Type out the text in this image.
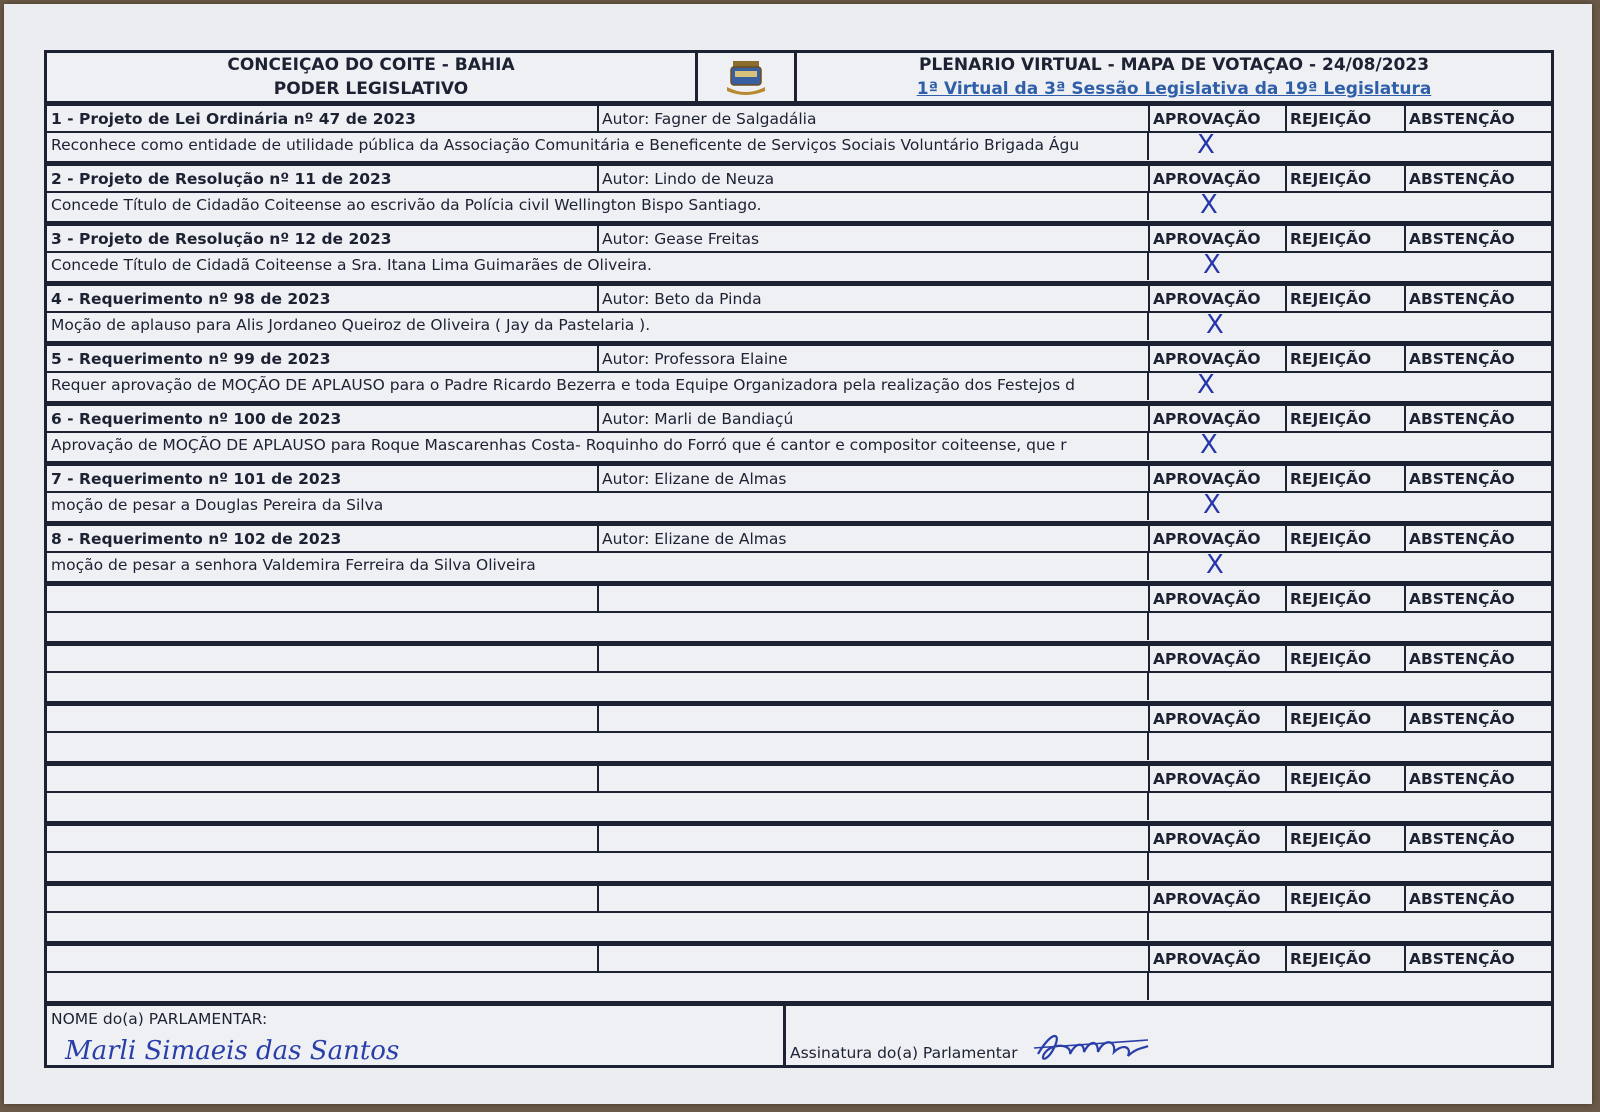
CONCEIÇAO DO COITE - BAHIA
PODER LEGISLATIVO
PLENARIO VIRTUAL - MAPA DE VOTAÇAO - 24/08/2023
1ª Virtual da 3ª Sessão Legislativa da 19ª Legislatura
1 - Projeto de Lei Ordinária nº 47 de 2023	Autor: Fagner de Salgadália	APROVAÇÃO	REJEIÇÃO	ABSTENÇÃO
Reconhece como entidade de utilidade pública da Associação Comunitária e Beneficente de Serviços Sociais Voluntário Brigada Águ	X
2 - Projeto de Resolução nº 11 de 2023	Autor: Lindo de Neuza	APROVAÇÃO	REJEIÇÃO	ABSTENÇÃO
Concede Título de Cidadão Coiteense ao escrivão da Polícia civil Wellington Bispo Santiago.	X
3 - Projeto de Resolução nº 12 de 2023	Autor: Gease Freitas	APROVAÇÃO	REJEIÇÃO	ABSTENÇÃO
Concede Título de Cidadã Coiteense a Sra. Itana Lima Guimarães de Oliveira.	X
4 - Requerimento nº 98 de 2023	Autor: Beto da Pinda	APROVAÇÃO	REJEIÇÃO	ABSTENÇÃO
Moção de aplauso para Alis Jordaneo Queiroz de Oliveira ( Jay da Pastelaria ).	X
5 - Requerimento nº 99 de 2023	Autor: Professora Elaine	APROVAÇÃO	REJEIÇÃO	ABSTENÇÃO
Requer aprovação de MOÇÃO DE APLAUSO para o Padre Ricardo Bezerra e toda Equipe Organizadora pela realização dos Festejos d	X
6 - Requerimento nº 100 de 2023	Autor: Marli de Bandiaçú	APROVAÇÃO	REJEIÇÃO	ABSTENÇÃO
Aprovação de MOÇÃO DE APLAUSO para Roque Mascarenhas Costa- Roquinho do Forró que é cantor e compositor coiteense, que r	X
7 - Requerimento nº 101 de 2023	Autor: Elizane de Almas	APROVAÇÃO	REJEIÇÃO	ABSTENÇÃO
moção de pesar a Douglas Pereira da Silva	X
8 - Requerimento nº 102 de 2023	Autor: Elizane de Almas	APROVAÇÃO	REJEIÇÃO	ABSTENÇÃO
moção de pesar a senhora Valdemira Ferreira da Silva Oliveira	X
APROVAÇÃO	REJEIÇÃO	ABSTENÇÃO
APROVAÇÃO	REJEIÇÃO	ABSTENÇÃO
APROVAÇÃO	REJEIÇÃO	ABSTENÇÃO
APROVAÇÃO	REJEIÇÃO	ABSTENÇÃO
APROVAÇÃO	REJEIÇÃO	ABSTENÇÃO
APROVAÇÃO	REJEIÇÃO	ABSTENÇÃO
APROVAÇÃO	REJEIÇÃO	ABSTENÇÃO
NOME do(a) PARLAMENTAR:
Marli Simaeis das Santos	Assinatura do(a) Parlamentar
